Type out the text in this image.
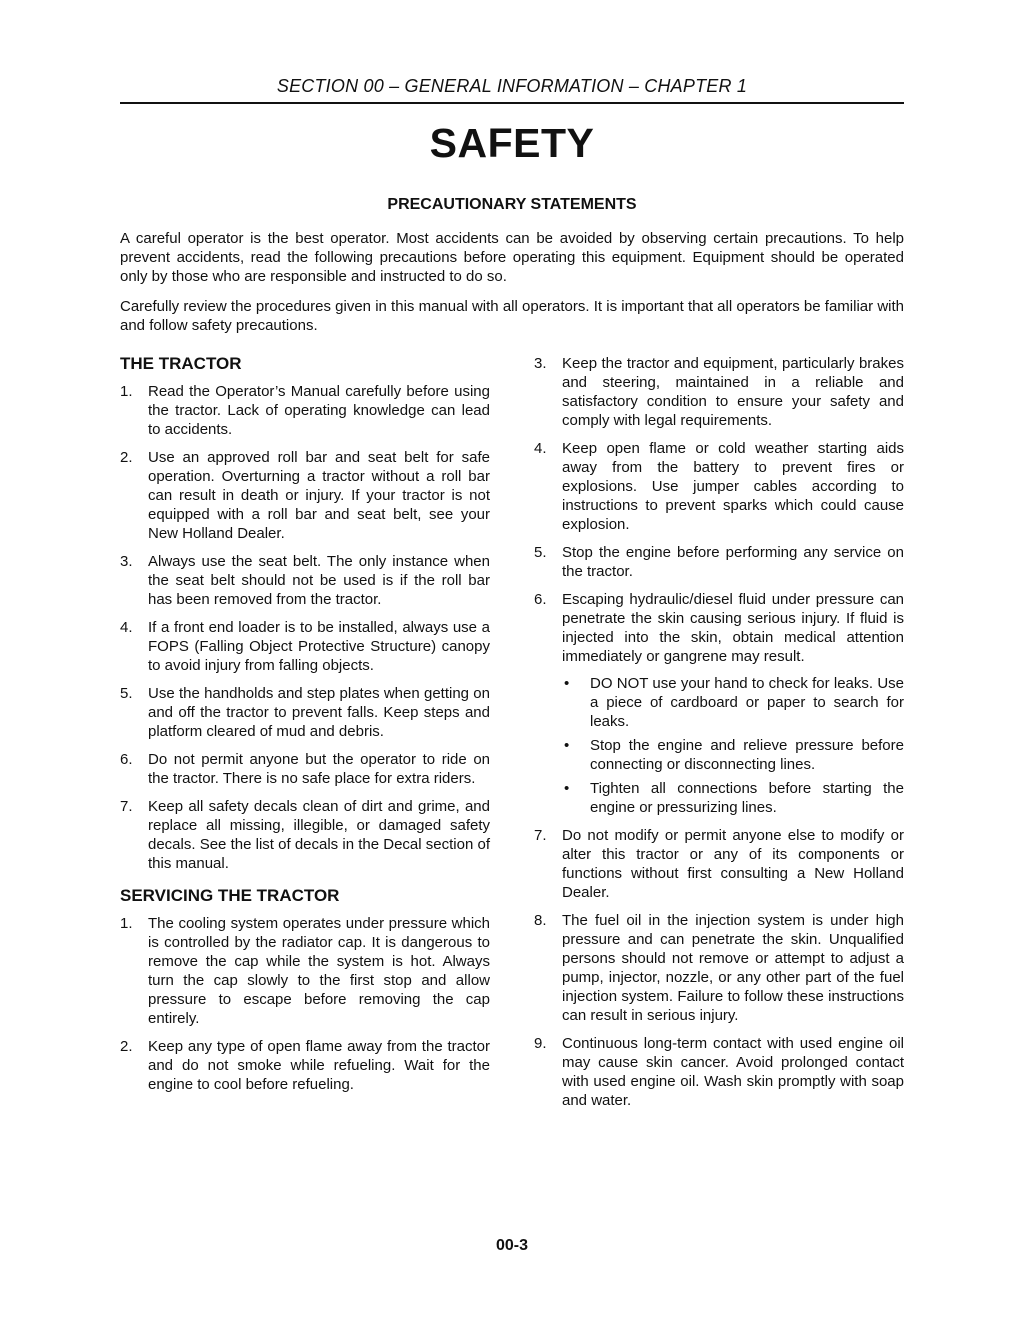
SECTION 00 – GENERAL INFORMATION – CHAPTER 1
SAFETY
PRECAUTIONARY STATEMENTS

A careful operator is the best operator. Most accidents can be avoided by observing certain precautions. To help prevent accidents, read the following precautions before operating this equipment. Equipment should be operated only by those who are responsible and instructed to do so.

Carefully review the procedures given in this manual with all operators. It is important that all operators be familiar with and follow safety precautions.

THE TRACTOR
1. Read the Operator’s Manual carefully before using the tractor. Lack of operating knowledge can lead to accidents.
2. Use an approved roll bar and seat belt for safe operation. Overturning a tractor without a roll bar can result in death or injury. If your tractor is not equipped with a roll bar and seat belt, see your New Holland Dealer.
3. Always use the seat belt. The only instance when the seat belt should not be used is if the roll bar has been removed from the tractor.
4. If a front end loader is to be installed, always use a FOPS (Falling Object Protective Structure) canopy to avoid injury from falling objects.
5. Use the handholds and step plates when getting on and off the tractor to prevent falls. Keep steps and platform cleared of mud and debris.
6. Do not permit anyone but the operator to ride on the tractor. There is no safe place for extra riders.
7. Keep all safety decals clean of dirt and grime, and replace all missing, illegible, or damaged safety decals. See the list of decals in the Decal section of this manual.
SERVICING THE TRACTOR
1. The cooling system operates under pressure which is controlled by the radiator cap. It is dangerous to remove the cap while the system is hot. Always turn the cap slowly to the first stop and allow pressure to escape before removing the cap entirely.
2. Keep any type of open flame away from the tractor and do not smoke while refueling. Wait for the engine to cool before refueling.
3. Keep the tractor and equipment, particularly brakes and steering, maintained in a reliable and satisfactory condition to ensure your safety and comply with legal requirements.
4. Keep open flame or cold weather starting aids away from the battery to prevent fires or explosions. Use jumper cables according to instructions to prevent sparks which could cause explosion.
5. Stop the engine before performing any service on the tractor.
6. Escaping hydraulic/diesel fluid under pressure can penetrate the skin causing serious injury. If fluid is injected into the skin, obtain medical attention immediately or gangrene may result.
• DO NOT use your hand to check for leaks. Use a piece of cardboard or paper to search for leaks.
• Stop the engine and relieve pressure before connecting or disconnecting lines.
• Tighten all connections before starting the engine or pressurizing lines.
7. Do not modify or permit anyone else to modify or alter this tractor or any of its components or functions without first consulting a New Holland Dealer.
8. The fuel oil in the injection system is under high pressure and can penetrate the skin. Unqualified persons should not remove or attempt to adjust a pump, injector, nozzle, or any other part of the fuel injection system. Failure to follow these instructions can result in serious injury.
9. Continuous long-term contact with used engine oil may cause skin cancer. Avoid prolonged contact with used engine oil. Wash skin promptly with soap and water.
00-3
